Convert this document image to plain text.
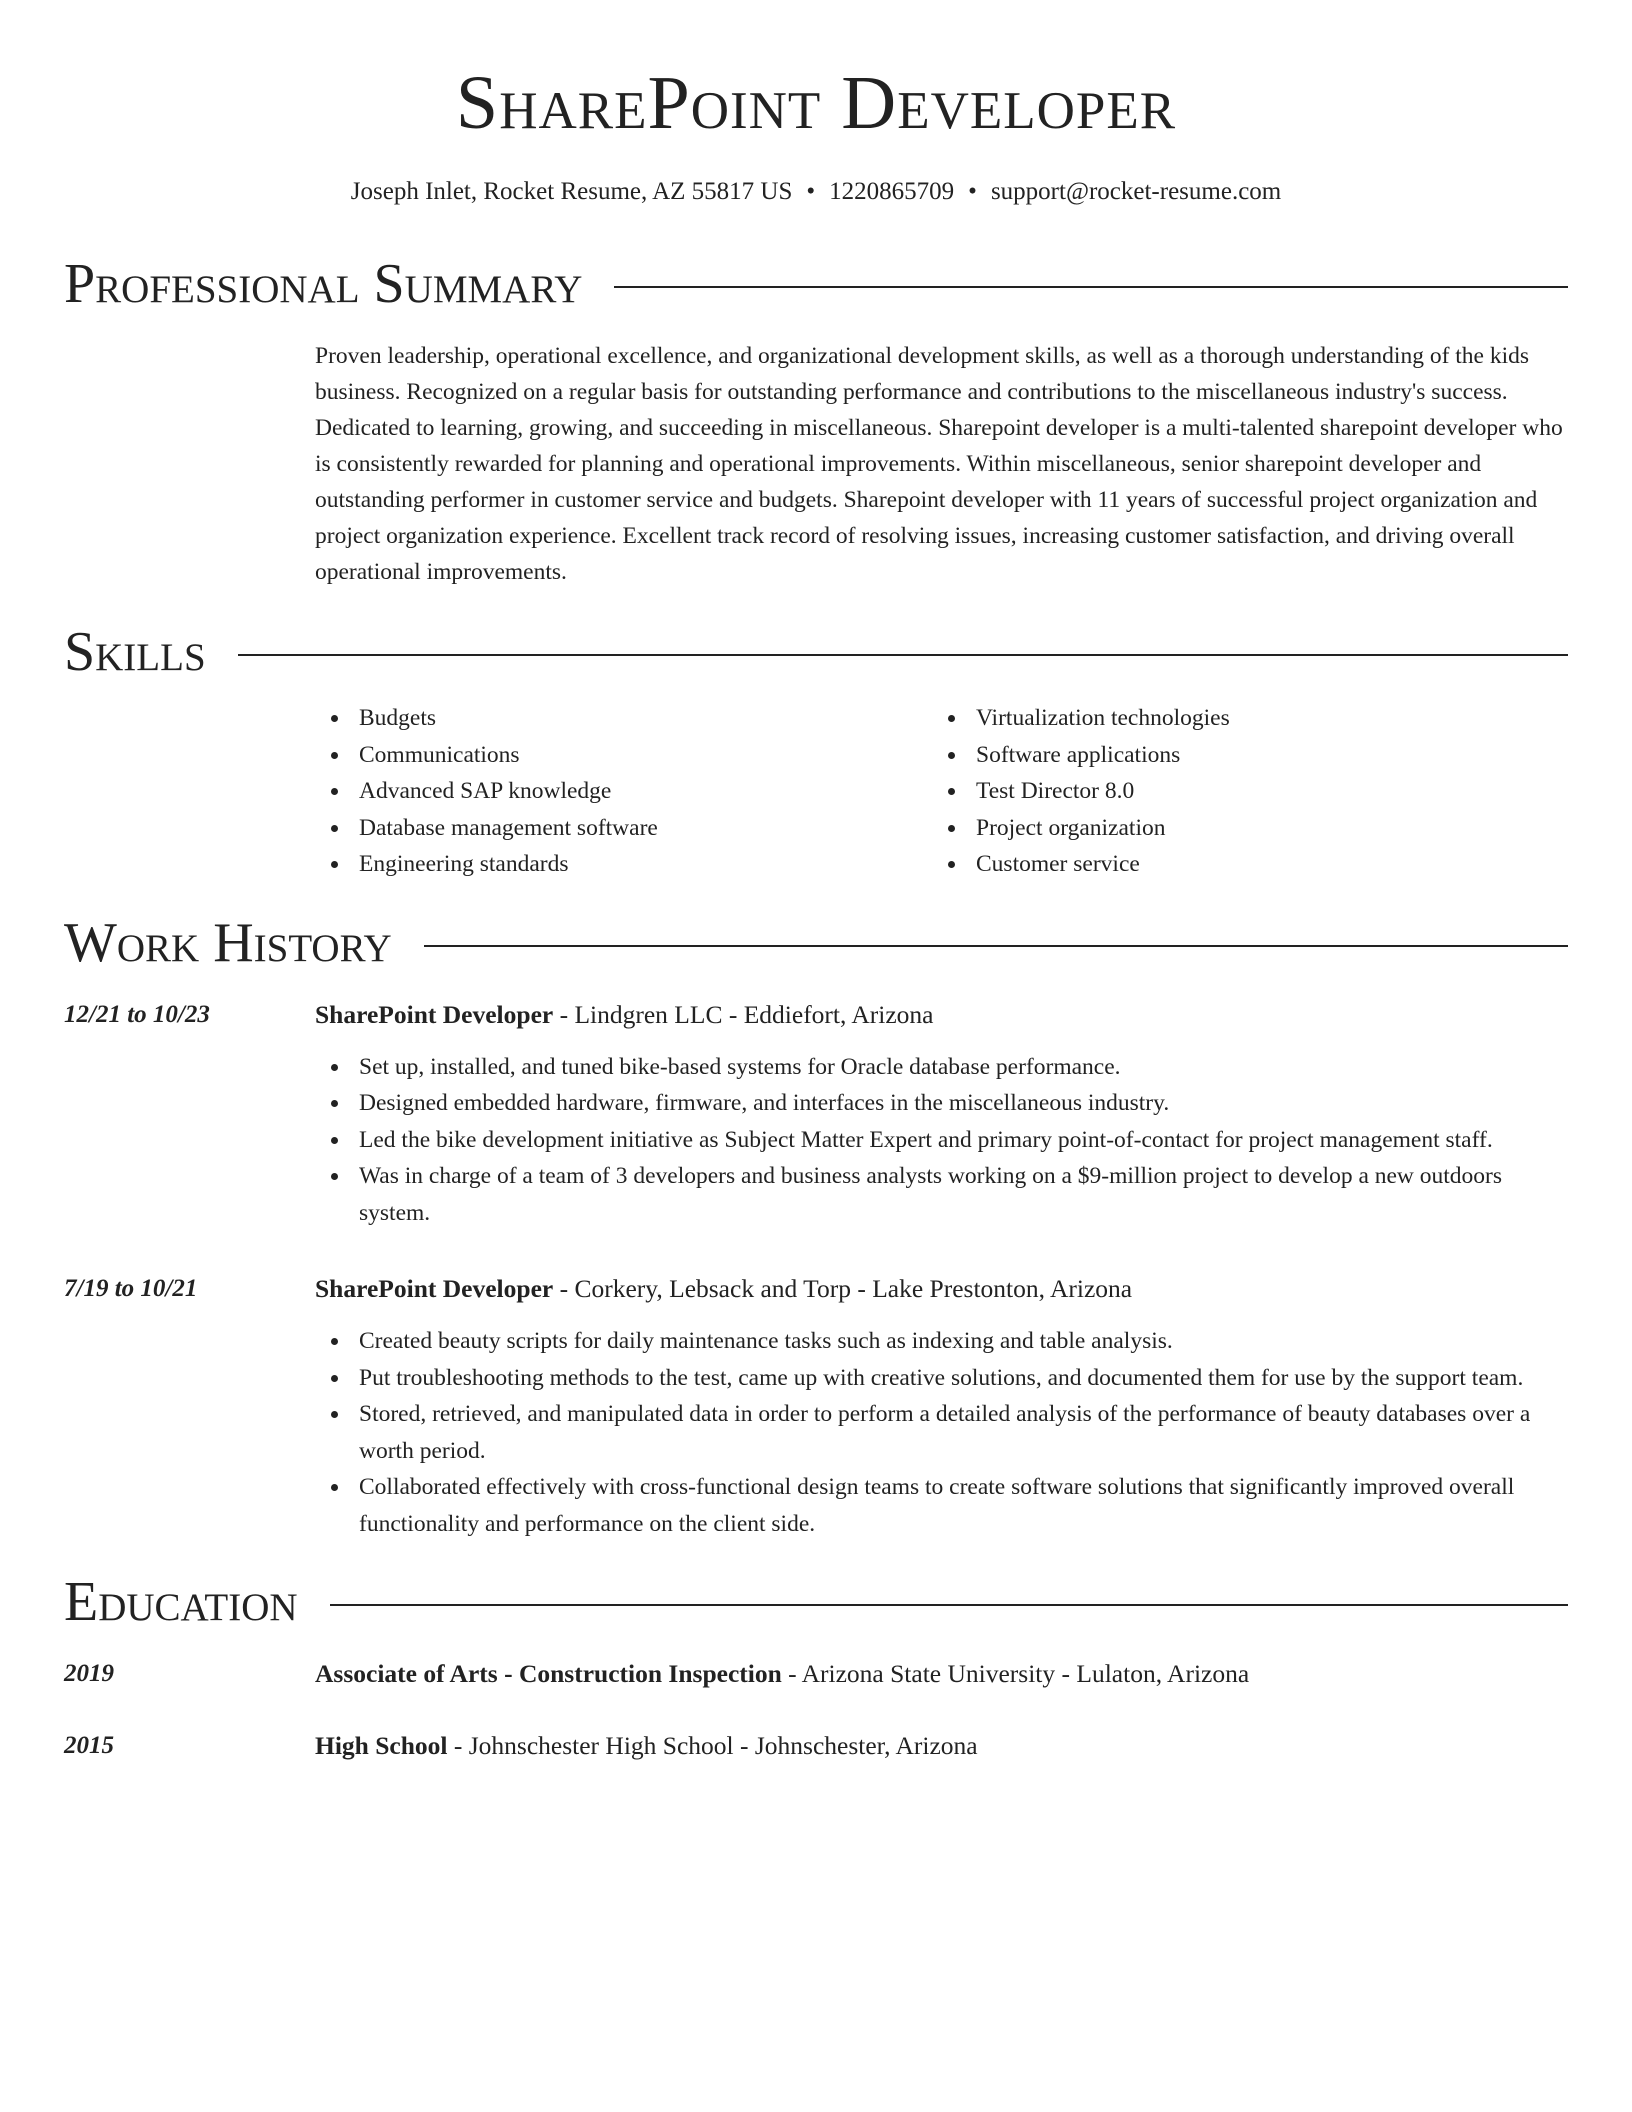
SharePoint Developer
Joseph Inlet, Rocket Resume, AZ 55817 US • 1220865709 • support@rocket-resume.com
Professional Summary

Proven leadership, operational excellence, and organizational development skills, as well as a thorough understanding of the kids business. Recognized on a regular basis for outstanding performance and contributions to the miscellaneous industry's success. Dedicated to learning, growing, and succeeding in miscellaneous. Sharepoint developer is a multi-talented sharepoint developer who is consistently rewarded for planning and operational improvements. Within miscellaneous, senior sharepoint developer and outstanding performer in customer service and budgets. Sharepoint developer with 11 years of successful project organization and project organization experience. Excellent track record of resolving issues, increasing customer satisfaction, and driving overall operational improvements.

Skills
Budgets
Communications
Advanced SAP knowledge
Database management software
Engineering standards
Virtualization technologies
Software applications
Test Director 8.0
Project organization
Customer service
Work History
12/21 to 10/23	SharePoint Developer - Lindgren LLC - Eddiefort, Arizona
Set up, installed, and tuned bike-based systems for Oracle database performance.
Designed embedded hardware, firmware, and interfaces in the miscellaneous industry.
Led the bike development initiative as Subject Matter Expert and primary point-of-contact for project management staff.
Was in charge of a team of 3 developers and business analysts working on a $9-million project to develop a new outdoors system.
7/19 to 10/21	SharePoint Developer - Corkery, Lebsack and Torp - Lake Prestonton, Arizona
Created beauty scripts for daily maintenance tasks such as indexing and table analysis.
Put troubleshooting methods to the test, came up with creative solutions, and documented them for use by the support team.
Stored, retrieved, and manipulated data in order to perform a detailed analysis of the performance of beauty databases over a worth period.
Collaborated effectively with cross-functional design teams to create software solutions that significantly improved overall functionality and performance on the client side.
Education
2019	Associate of Arts - Construction Inspection - Arizona State University - Lulaton, Arizona
2015	High School - Johnschester High School - Johnschester, Arizona
